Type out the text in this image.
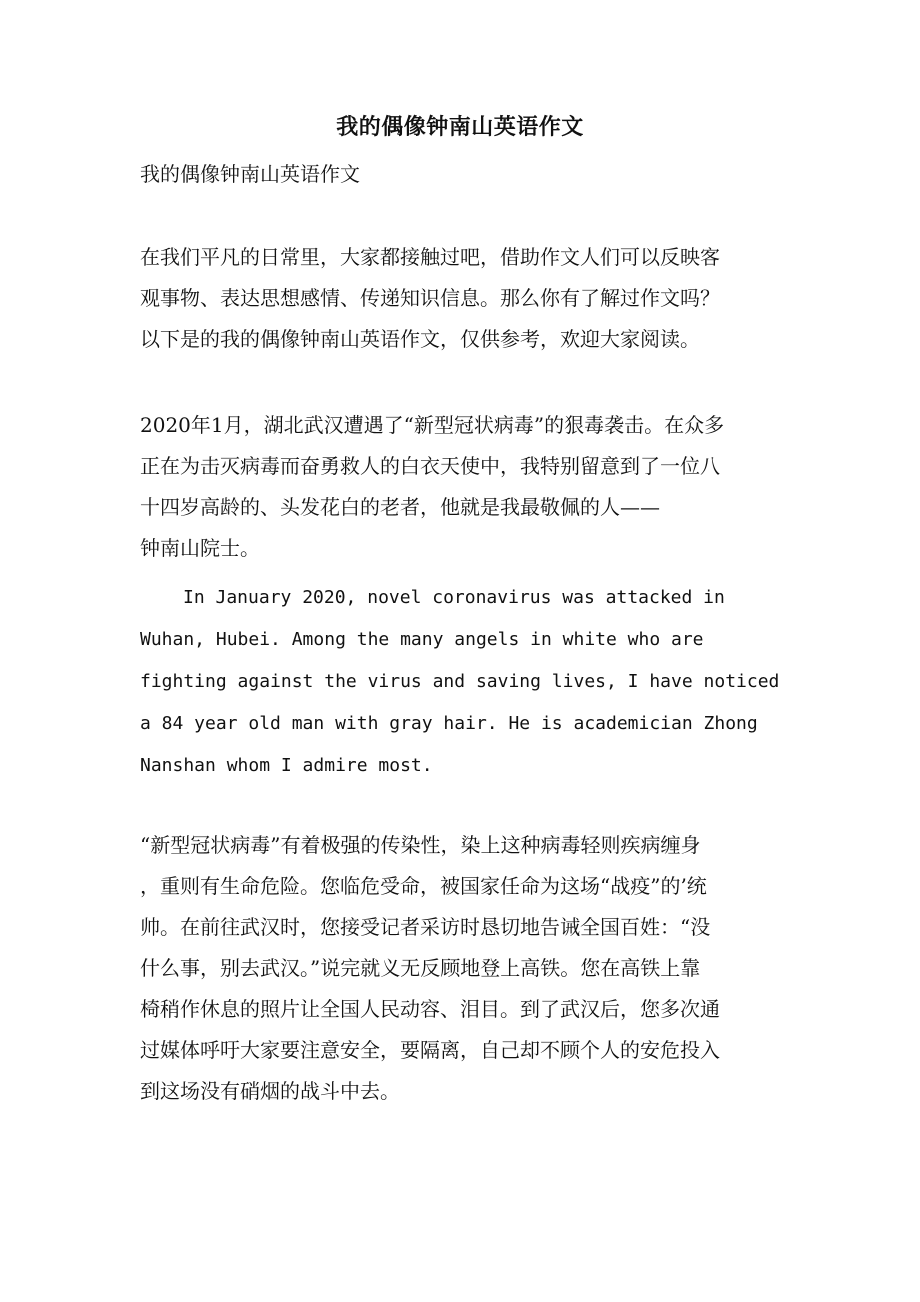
我的偶像钟南山英语作文
我的偶像钟南山英语作文
在我们平凡的日常里，大家都接触过吧，借助作文人们可以反映客
观事物、表达思想感情、传递知识信息。那么你有了解过作文吗？
以下是的我的偶像钟南山英语作文，仅供参考，欢迎大家阅读。
2020年1月，湖北武汉遭遇了“新型冠状病毒”的狠毒袭击。在众多
正在为击灭病毒而奋勇救人的白衣天使中，我特别留意到了一位八
十四岁高龄的、头发花白的老者，他就是我最敬佩的人——
钟南山院士。
In January 2020, novel coronavirus was attacked in
Wuhan, Hubei. Among the many angels in white who are
fighting against the virus and saving lives, I have noticed
a 84 year old man with gray hair. He is academician Zhong
Nanshan whom I admire most.
“新型冠状病毒”有着极强的传染性，染上这种病毒轻则疾病缠身
，重则有生命危险。您临危受命，被国家任命为这场“战疫”的’统
帅。在前往武汉时，您接受记者采访时恳切地告诫全国百姓：“没
什么事，别去武汉。”说完就义无反顾地登上高铁。您在高铁上靠
椅稍作休息的照片让全国人民动容、泪目。到了武汉后，您多次通
过媒体呼吁大家要注意安全，要隔离，自己却不顾个人的安危投入
到这场没有硝烟的战斗中去。
